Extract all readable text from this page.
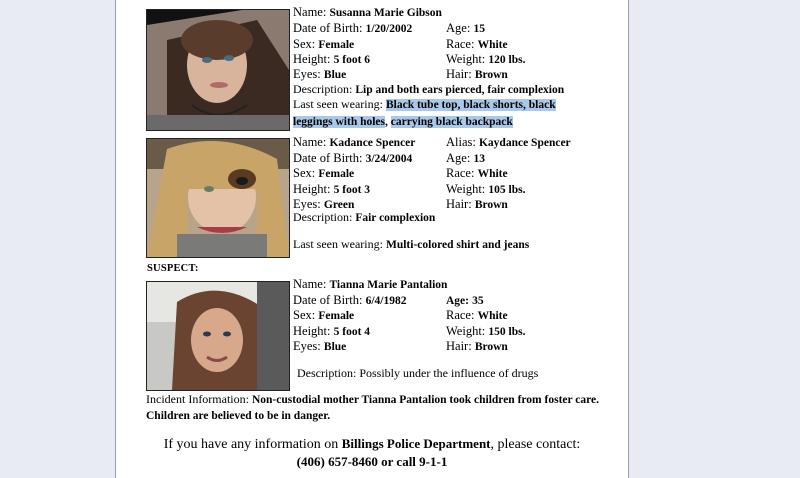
Name: Susanna Marie Gibson
Date of Birth: 1/20/2002	Age: 15
Sex: Female	Race: White
Height: 5 foot 6	Weight: 120 lbs.
Eyes: Blue	Hair: Brown
Description: Lip and both ears pierced, fair complexion
Last seen wearing: Black tube top, black shorts, black
leggings with holes, carrying black backpack
Name: Kadance Spencer Alias: Kaydance Spencer
Date of Birth: 3/24/2004	Age: 13
Sex: Female	Race: White
Height: 5 foot 3	Weight: 105 lbs.
Eyes: Green	Hair: Brown
Description: Fair complexion
Last seen wearing: Multi-colored shirt and jeans
SUSPECT:
Name: Tianna Marie Pantalion
Date of Birth: 6/4/1982	Age: 35
Sex: Female	Race: White
Height: 5 foot 4	Weight: 150 lbs.
Eyes: Blue	Hair: Brown
Description: Possibly under the influence of drugs
Incident Information: Non-custodial mother Tianna Pantalion took children from foster care. Children are believed to be in danger.
If you have any information on Billings Police Department, please contact:
(406) 657-8460 or call 9-1-1
